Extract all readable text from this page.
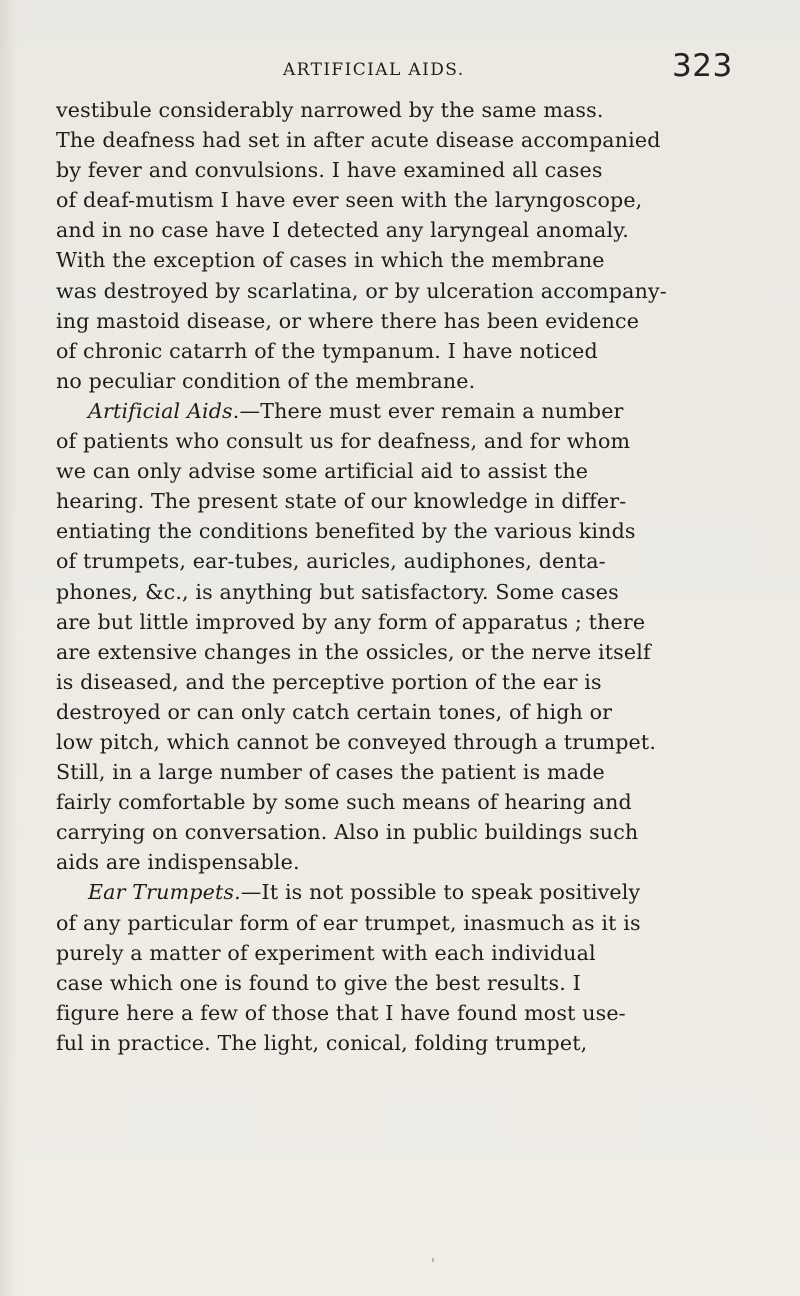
ARTIFICIAL AIDS.	323
vestibule considerably narrowed by the same mass.
The deafness had set in after acute disease accompanied
by fever and convulsions. I have examined all cases
of deaf-mutism I have ever seen with the laryngoscope,
and in no case have I detected any laryngeal anomaly.
With the exception of cases in which the membrane
was destroyed by scarlatina, or by ulceration accompany-
ing mastoid disease, or where there has been evidence
of chronic catarrh of the tympanum. I have noticed
no peculiar condition of the membrane.
Artificial Aids.—There must ever remain a number
of patients who consult us for deafness, and for whom
we can only advise some artificial aid to assist the
hearing. The present state of our knowledge in differ-
entiating the conditions benefited by the various kinds
of trumpets, ear-tubes, auricles, audiphones, denta-
phones, &c., is anything but satisfactory. Some cases
are but little improved by any form of apparatus ; there
are extensive changes in the ossicles, or the nerve itself
is diseased, and the perceptive portion of the ear is
destroyed or can only catch certain tones, of high or
low pitch, which cannot be conveyed through a trumpet.
Still, in a large number of cases the patient is made
fairly comfortable by some such means of hearing and
carrying on conversation. Also in public buildings such
aids are indispensable.
Ear Trumpets.—It is not possible to speak positively
of any particular form of ear trumpet, inasmuch as it is
purely a matter of experiment with each individual
case which one is found to give the best results. I
figure here a few of those that I have found most use-
ful in practice. The light, conical, folding trumpet,
